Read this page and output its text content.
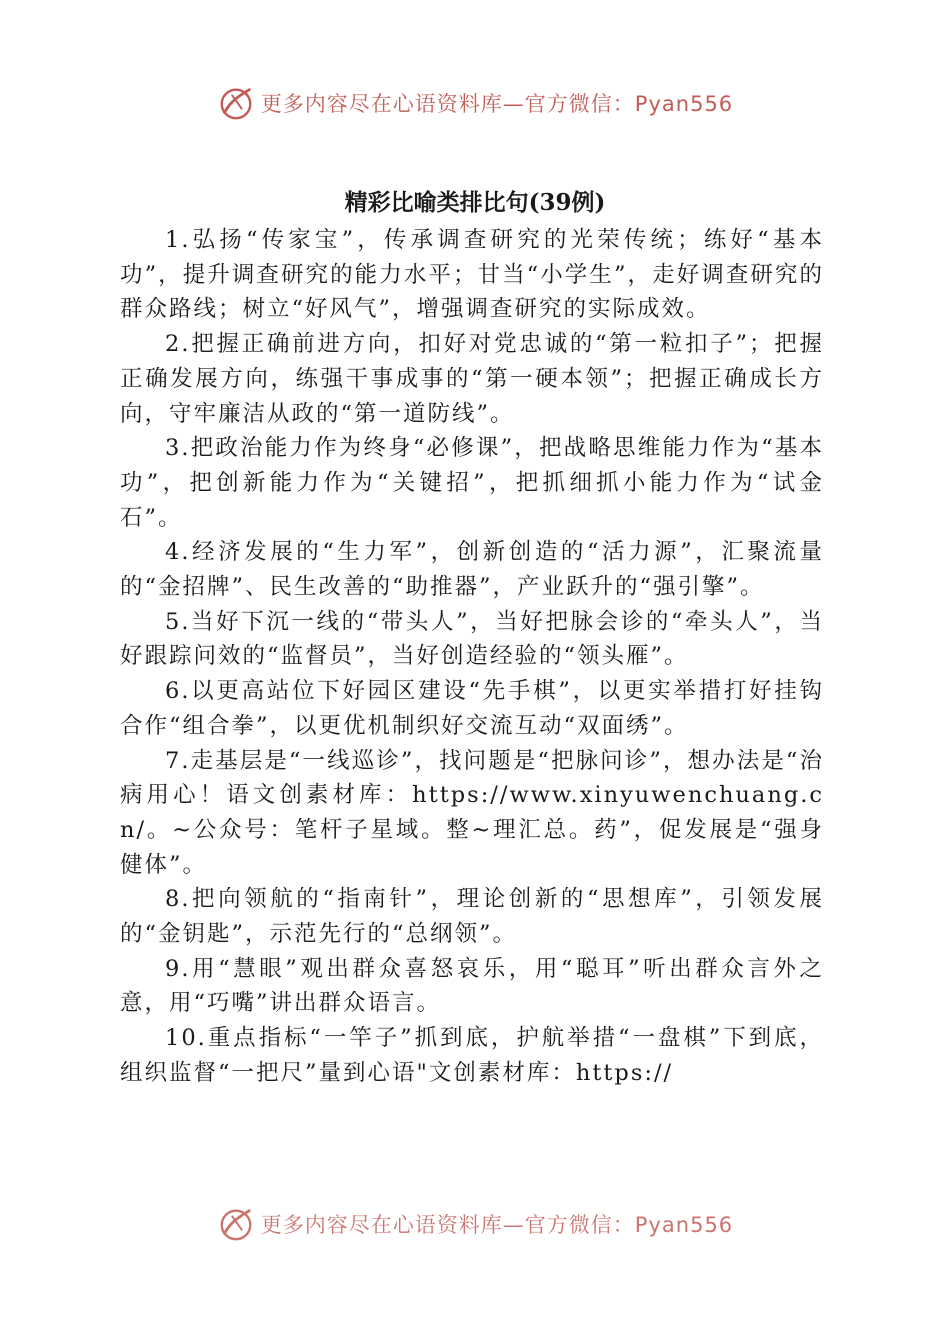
更多内容尽在心语资料库—官方微信：Pyan556
精彩比喻类排比句(39例)

1.弘扬“传家宝”，传承调查研究的光荣传统；练好“基本功”，提升调查研究的能力水平；甘当“小学生”，走好调查研究的群众路线；树立“好风气”，增强调查研究的实际成效。

2.把握正确前进方向，扣好对党忠诚的“第一粒扣子”；把握正确发展方向，练强干事成事的“第一硬本领”；把握正确成长方向，守牢廉洁从政的“第一道防线”。

3.把政治能力作为终身“必修课”，把战略思维能力作为“基本功”，把创新能力作为“关键招”，把抓细抓小能力作为“试金石”。

4.经济发展的“生力军”，创新创造的“活力源”，汇聚流量的“金招牌”、民生改善的“助推器”，产业跃升的“强引擎”。

5.当好下沉一线的“带头人”，当好把脉会诊的“牵头人”，当好跟踪问效的“监督员”，当好创造经验的“领头雁”。

6.以更高站位下好园区建设“先手棋”，以更实举措打好挂钩合作“组合拳”，以更优机制织好交流互动“双面绣”。

7.走基层是“一线巡诊”，找问题是“把脉问诊”，想办法是“治病用心！语文创素材库：https://www.xinyuwenchuang.cn/。~公众号：笔杆子星域。整~理汇总。药”，促发展是“强身健体”。

8.把向领航的“指南针”，理论创新的“思想库”，引领发展的“金钥匙”，示范先行的“总纲领”。

9.用“慧眼”观出群众喜怒哀乐，用“聪耳”听出群众言外之意，用“巧嘴”讲出群众语言。

10.重点指标“一竿子”抓到底，护航举措“一盘棋”下到底，组织监督“一把尺”量到心语"文创素材库：https://

更多内容尽在心语资料库—官方微信：Pyan556
